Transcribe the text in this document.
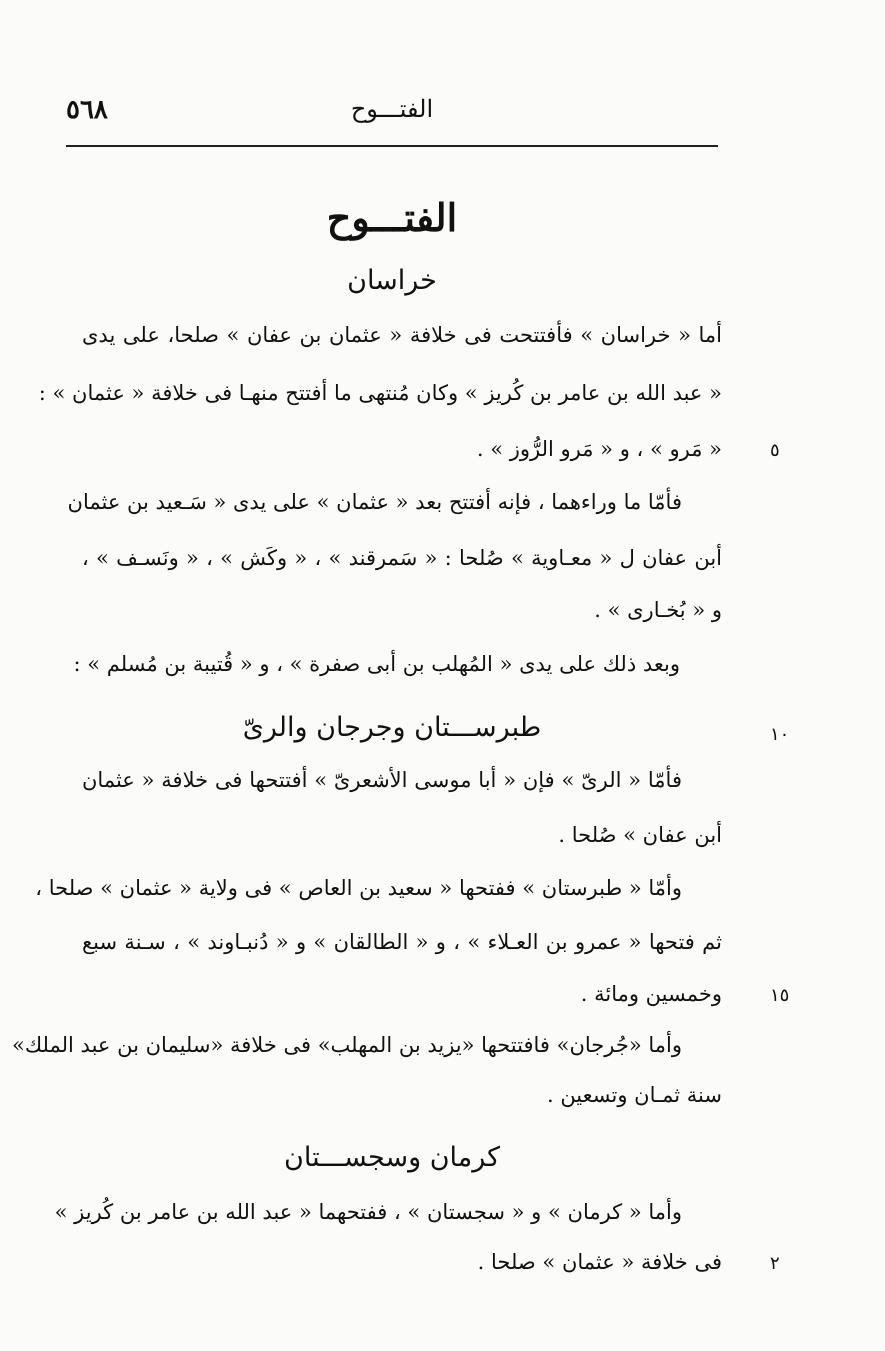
٥٦٨	الفتـــوح
الفتـــوح
خراسان
أما « خراسان » فأفتتحت فى خلافة « عثمان بن عفان » صلحا، على يدى
« عبد الله بن عامر بن كُريز » وكان مُنتهى ما أفتتح منهـا فى خلافة « عثمان » :
« مَرو » ، و « مَرو الرُّوز » .
فأمّا ما وراءهما ، فإنه أفتتح بعد « عثمان » على يدى « سَـعيد بن عثمان
أبن عفان ل « معـاوية » صُلحا : « سَمرقند » ، « وكَش » ، « ونَسـف » ،
و « بُخـارى » .
وبعد ذلك على يدى « المُهلب بن أبى صفرة » ، و « قُتيبة بن مُسلم » :
طبرســـتان وجرجان والرىّ
فأمّا « الرىّ » فإن « أبا موسى الأشعرىّ » أفتتحها فى خلافة « عثمان
أبن عفان » صُلحا .
وأمّا « طبرستان » ففتحها « سعيد بن العاص » فى ولاية « عثمان » صلحا ،
ثم فتحها « عمرو بن العـلاء » ، و « الطالقان » و « دُنبـاوند » ، سـنة سبع
وخمسين ومائة .
وأما «جُرجان» فافتتحها «يزيد بن المهلب» فى خلافة «سليمان بن عبد الملك»
سنة ثمـان وتسعين .
كرمان وسجســـتان
وأما « كرمان » و « سجستان » ، ففتحهما « عبد الله بن عامر بن كُريز »
فى خلافة « عثمان » صلحا .
٥
١٠
١٥
٢
